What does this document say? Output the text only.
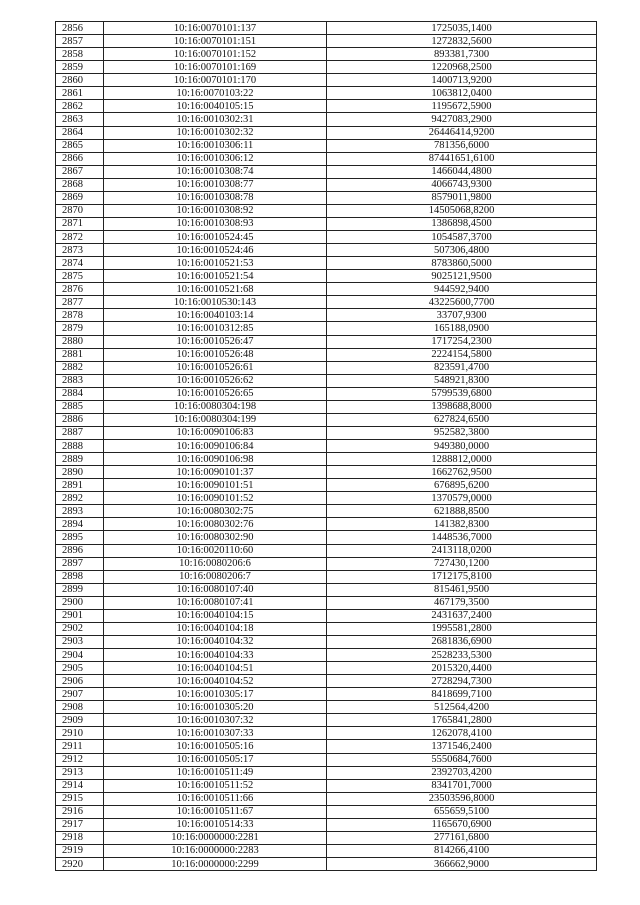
2856	10:16:0070101:137	1725035,1400
2857	10:16:0070101:151	1272832,5600
2858	10:16:0070101:152	893381,7300
2859	10:16:0070101:169	1220968,2500
2860	10:16:0070101:170	1400713,9200
2861	10:16:0070103:22	1063812,0400
2862	10:16:0040105:15	1195672,5900
2863	10:16:0010302:31	9427083,2900
2864	10:16:0010302:32	26446414,9200
2865	10:16:0010306:11	781356,6000
2866	10:16:0010306:12	87441651,6100
2867	10:16:0010308:74	1466044,4800
2868	10:16:0010308:77	4066743,9300
2869	10:16:0010308:78	8579011,9800
2870	10:16:0010308:92	14505068,8200
2871	10:16:0010308:93	1386898,4500
2872	10:16:0010524:45	1054587,3700
2873	10:16:0010524:46	507306,4800
2874	10:16:0010521:53	8783860,5000
2875	10:16:0010521:54	9025121,9500
2876	10:16:0010521:68	944592,9400
2877	10:16:0010530:143	43225600,7700
2878	10:16:0040103:14	33707,9300
2879	10:16:0010312:85	165188,0900
2880	10:16:0010526:47	1717254,2300
2881	10:16:0010526:48	2224154,5800
2882	10:16:0010526:61	823591,4700
2883	10:16:0010526:62	548921,8300
2884	10:16:0010526:65	5799539,6800
2885	10:16:0080304:198	1398688,8000
2886	10:16:0080304:199	627824,6500
2887	10:16:0090106:83	952582,3800
2888	10:16:0090106:84	949380,0000
2889	10:16:0090106:98	1288812,0000
2890	10:16:0090101:37	1662762,9500
2891	10:16:0090101:51	676895,6200
2892	10:16:0090101:52	1370579,0000
2893	10:16:0080302:75	621888,8500
2894	10:16:0080302:76	141382,8300
2895	10:16:0080302:90	1448536,7000
2896	10:16:0020110:60	2413118,0200
2897	10:16:0080206:6	727430,1200
2898	10:16:0080206:7	1712175,8100
2899	10:16:0080107:40	815461,9500
2900	10:16:0080107:41	467179,3500
2901	10:16:0040104:15	2431637,2400
2902	10:16:0040104:18	1995581,2800
2903	10:16:0040104:32	2681836,6900
2904	10:16:0040104:33	2528233,5300
2905	10:16:0040104:51	2015320,4400
2906	10:16:0040104:52	2728294,7300
2907	10:16:0010305:17	8418699,7100
2908	10:16:0010305:20	512564,4200
2909	10:16:0010307:32	1765841,2800
2910	10:16:0010307:33	1262078,4100
2911	10:16:0010505:16	1371546,2400
2912	10:16:0010505:17	5550684,7600
2913	10:16:0010511:49	2392703,4200
2914	10:16:0010511:52	8341701,7000
2915	10:16:0010511:66	23503596,8000
2916	10:16:0010511:67	655659,5100
2917	10:16:0010514:33	1165670,6900
2918	10:16:0000000:2281	277161,6800
2919	10:16:0000000:2283	814266,4100
2920	10:16:0000000:2299	366662,9000
